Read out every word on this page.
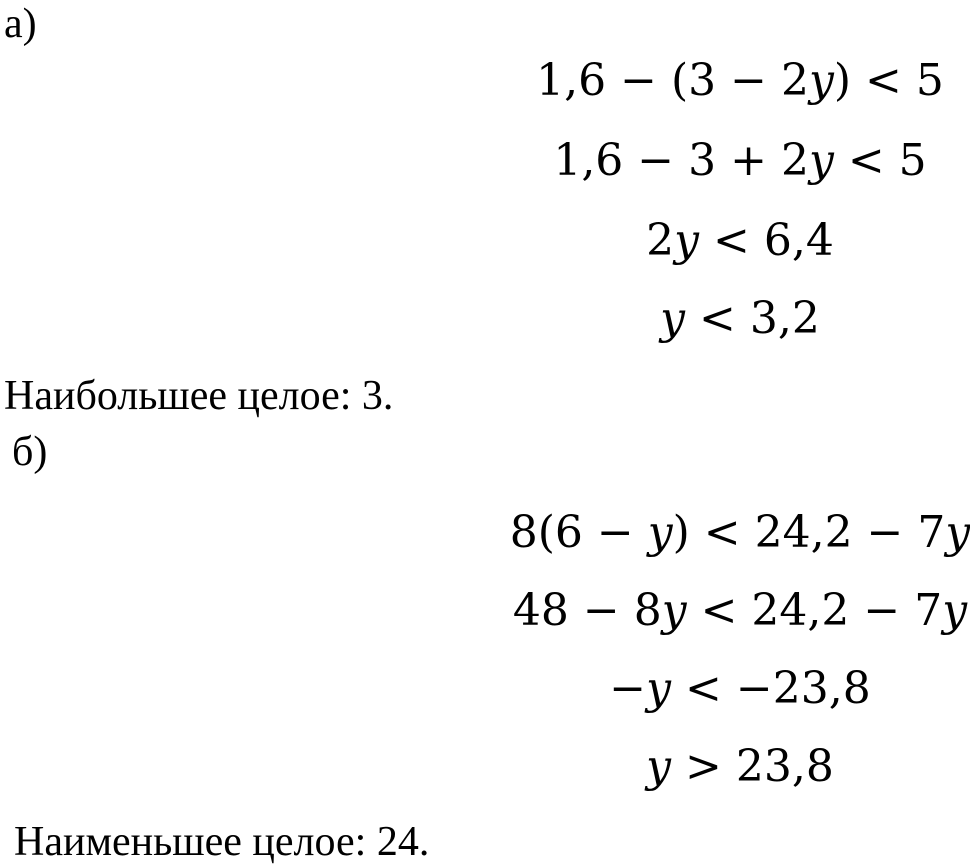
а)
1,6 − (3 − 2y) < 5
1,6 − 3 + 2y < 5
2y < 6,4
y < 3,2
Наибольшее целое: 3.
б)
8(6 − y) < 24,2 − 7y
48 − 8y < 24,2 − 7y
−y < −23,8
y > 23,8
Наименьшее целое: 24.
